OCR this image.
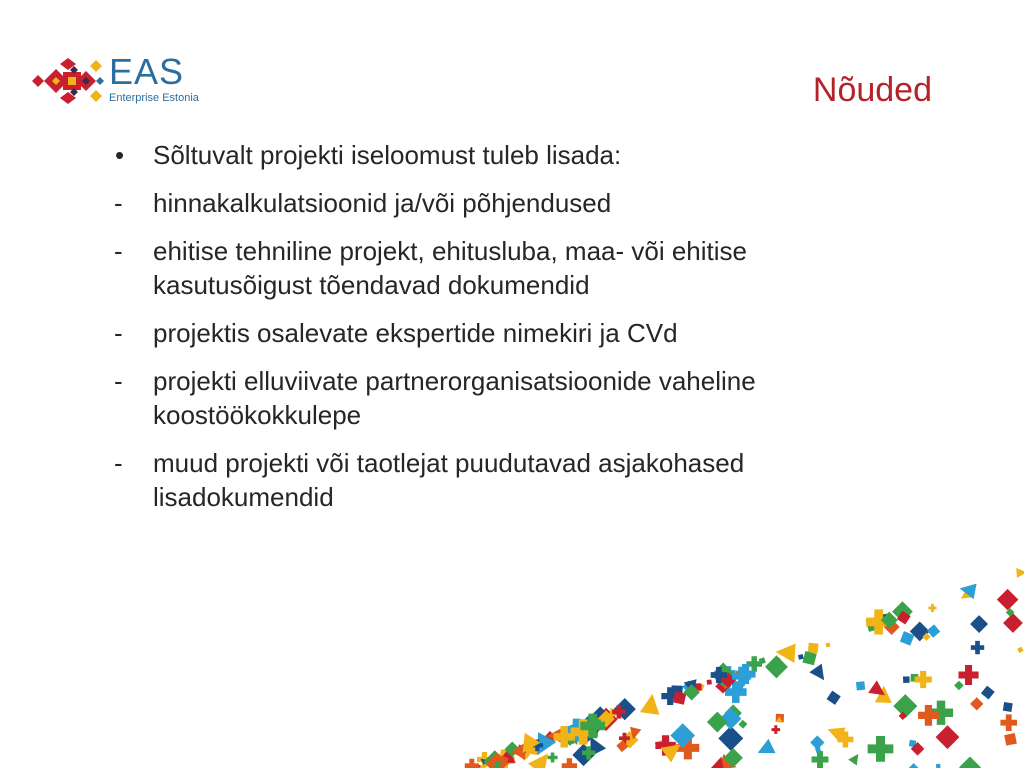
EAS
Enterprise Estonia	Nõuded
•	Sõltuvalt projekti iseloomust tuleb lisada:
-	hinnakalkulatsioonid ja/või põhjendused
-	ehitise tehniline projekt, ehitusluba, maa- või ehitise kasutusõigust tõendavad dokumendid
-	projektis osalevate ekspertide nimekiri ja CVd
-	projekti elluviivate partnerorganisatsioonide vaheline koostöökokkulepe
-	muud projekti või taotlejat puudutavad asjakohased lisadokumendid
